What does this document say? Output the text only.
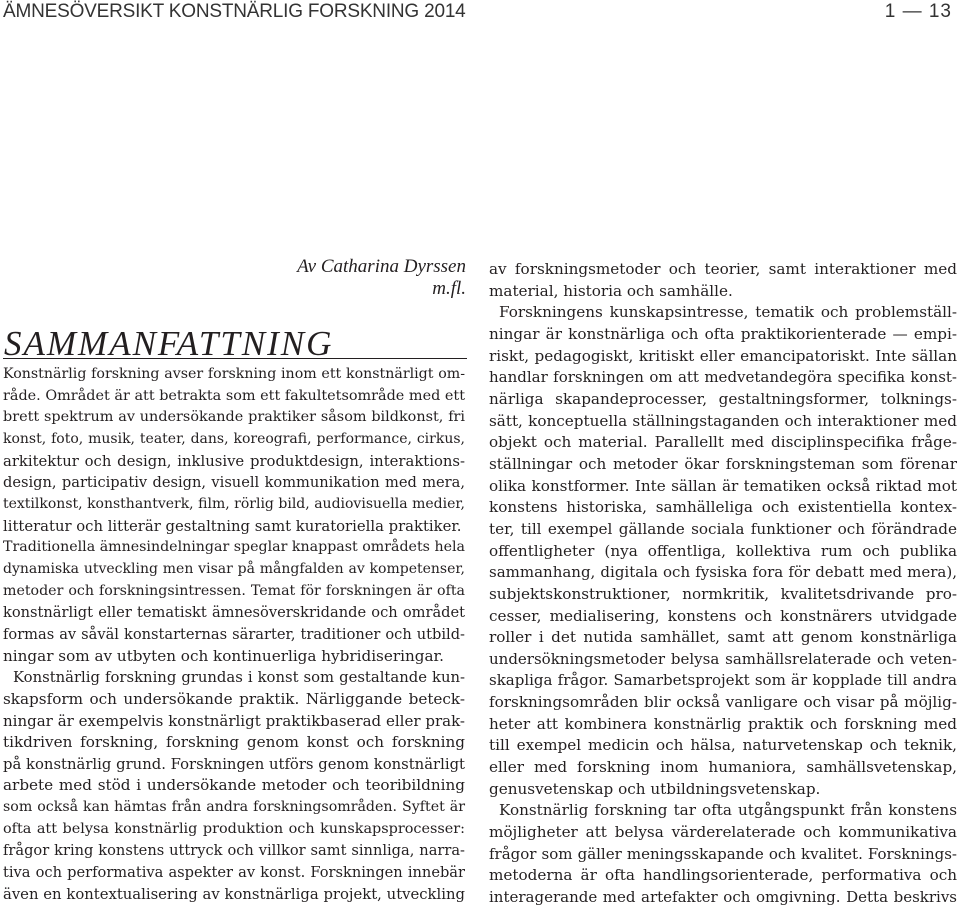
ÄMNESÖVERSIKT KONSTNÄRLIG FORSKNING 2014	1 — 13
Av Catharina Dyrssen m.fl.
SAMMANFATTNING

Konstnärlig forskning avser forskning inom ett konstnärligt om-

råde. Området är att betrakta som ett fakultetsområde med ett

brett spektrum av undersökande praktiker såsom bildkonst, fri

konst, foto, musik, teater, dans, koreografi, performance, cirkus,

arkitektur och design, inklusive produktdesign, interaktions-

design, participativ design, visuell kommunikation med mera,

textilkonst, konsthantverk, film, rörlig bild, audiovisuella medier,

litteratur och litterär gestaltning samt kuratoriella praktiker.

Traditionella ämnesindelningar speglar knappast områdets hela

dynamiska utveckling men visar på mångfalden av kompetenser,

metoder och forskningsintressen. Temat för forskningen är ofta

konstnärligt eller tematiskt ämnesöverskridande och området

formas av såväl konstarternas särarter, traditioner och utbild-

ningar som av utbyten och kontinuerliga hybridiseringar.

Konstnärlig forskning grundas i konst som gestaltande kun-

skapsform och undersökande praktik. Närliggande beteck-

ningar är exempelvis konstnärligt praktikbaserad eller prak-

tikdriven forskning, forskning genom konst och forskning

på konstnärlig grund. Forskningen utförs genom konstnärligt

arbete med stöd i undersökande metoder och teoribildning

som också kan hämtas från andra forskningsområden. Syftet är

ofta att belysa konstnärlig produktion och kunskapsprocesser:

frågor kring konstens uttryck och villkor samt sinnliga, narra-

tiva och performativa aspekter av konst. Forskningen innebär

även en kontextualisering av konstnärliga projekt, utveckling

av forskningsmetoder och teorier, samt interaktioner med

material, historia och samhälle.

Forskningens kunskapsintresse, tematik och problemställ-

ningar är konstnärliga och ofta praktikorienterade — empi-

riskt, pedagogiskt, kritiskt eller emancipatoriskt. Inte sällan

handlar forskningen om att medvetandegöra specifika konst-

närliga skapandeprocesser, gestaltningsformer, tolknings-

sätt, konceptuella ställningstaganden och interaktioner med

objekt och material. Parallellt med disciplinspecifika fråge-

ställningar och metoder ökar forskningsteman som förenar

olika konstformer. Inte sällan är tematiken också riktad mot

konstens historiska, samhälleliga och existentiella kontex-

ter, till exempel gällande sociala funktioner och förändrade

offentligheter (nya offentliga, kollektiva rum och publika

sammanhang, digitala och fysiska fora för debatt med mera),

subjektskonstruktioner, normkritik, kvalitetsdrivande pro-

cesser, medialisering, konstens och konstnärers utvidgade

roller i det nutida samhället, samt att genom konstnärliga

undersökningsmetoder belysa samhällsrelaterade och veten-

skapliga frågor. Samarbetsprojekt som är kopplade till andra

forskningsområden blir också vanligare och visar på möjlig-

heter att kombinera konstnärlig praktik och forskning med

till exempel medicin och hälsa, naturvetenskap och teknik,

eller med forskning inom humaniora, samhällsvetenskap,

genusvetenskap och utbildningsvetenskap.

Konstnärlig forskning tar ofta utgångspunkt från konstens

möjligheter att belysa värderelaterade och kommunikativa

frågor som gäller meningsskapande och kvalitet. Forsknings-

metoderna är ofta handlingsorienterade, performativa och

interagerande med artefakter och omgivning. Detta beskrivs
